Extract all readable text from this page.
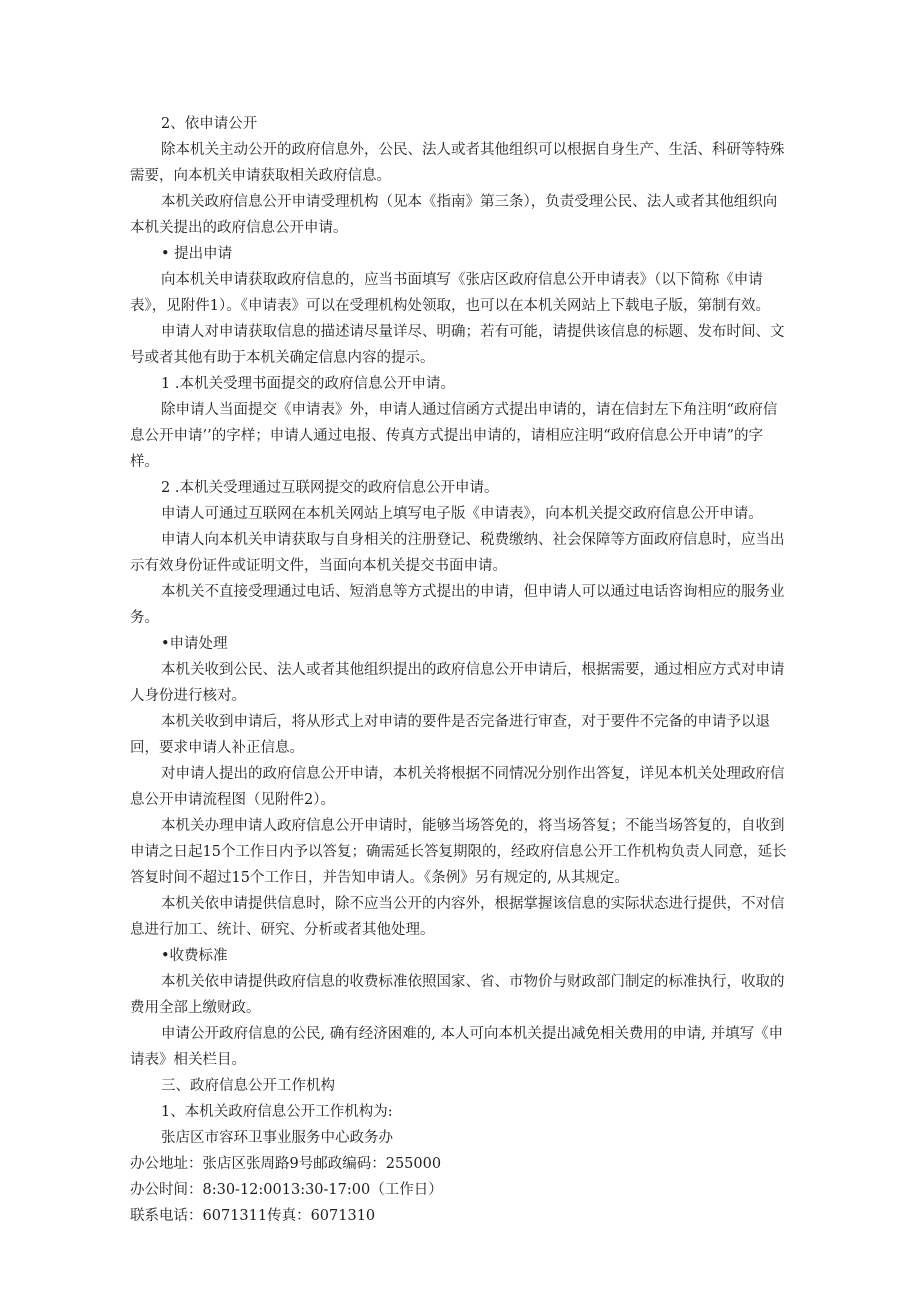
2、依申请公开

除本机关主动公开的政府信息外，公民、法人或者其他组织可以根据自身生产、生活、科研等特殊需要，向本机关申请获取相关政府信息。

本机关政府信息公开申请受理机构（见本《指南》第三条），负责受理公民、法人或者其他组织向本机关提出的政府信息公开申请。

• 提出申请

向本机关申请获取政府信息的，应当书面填写《张店区政府信息公开申请表》（以下简称《申请表》，见附件1）。《申请表》可以在受理机构处领取，也可以在本机关网站上下载电子版，第制有效。

申请人对申请获取信息的描述请尽量详尽、明确；若有可能，请提供该信息的标题、发布时间、文号或者其他有助于本机关确定信息内容的提示。

1 .本机关受理书面提交的政府信息公开申请。

除申请人当面提交《申请表》外，申请人通过信函方式提出申请的，请在信封左下角注明“政府信息公开申请’’的字样；申请人通过电报、传真方式提出申请的，请相应注明“政府信息公开申请”的字样。

2 .本机关受理通过互联网提交的政府信息公开申请。

申请人可通过互联网在本机关网站上填写电子版《申请表》，向本机关提交政府信息公开申请。

申请人向本机关申请获取与自身相关的注册登记、税费缴纳、社会保障等方面政府信息时，应当出示有效身份证件或证明文件，当面向本机关提交书面申请。

本机关不直接受理通过电话、短消息等方式提出的申请，但申请人可以通过电话咨询相应的服务业务。

•申请处理

本机关收到公民、法人或者其他组织提出的政府信息公开申请后，根据需要，通过相应方式对申请人身份进行核对。

本机关收到申请后，将从形式上对申请的要件是否完备进行审查，对于要件不完备的申请予以退回，要求申请人补正信息。

对申请人提出的政府信息公开申请，本机关将根据不同情况分别作出答复，详见本机关处理政府信息公开申请流程图（见附件2）。

本机关办理申请人政府信息公开申请时，能够当场答免的，将当场答复；不能当场答复的，自收到申请之日起15个工作日内予以答复；确需延长答复期限的，经政府信息公开工作机构负责人同意，延长答复时间不超过15个工作日，并告知申请人。《条例》另有规定的, 从其规定。

本机关依申请提供信息时，除不应当公开的内容外，根据掌握该信息的实际状态进行提供，不对信息进行加工、统计、研究、分析或者其他处理。

•收费标准

本机关依申请提供政府信息的收费标准依照国家、省、市物价与财政部门制定的标准执行，收取的费用全部上缴财政。

申请公开政府信息的公民, 确有经济困难的, 本人可向本机关提出减免相关费用的申请, 并填写《申请表》相关栏目。

三、政府信息公开工作机构

1、本机关政府信息公开工作机构为:

张店区市容环卫事业服务中心政务办

办公地址：张店区张周路9号邮政编码：255000

办公时间：8:30-12:0013:30-17:00（工作日）

联系电话：6071311传真：6071310
